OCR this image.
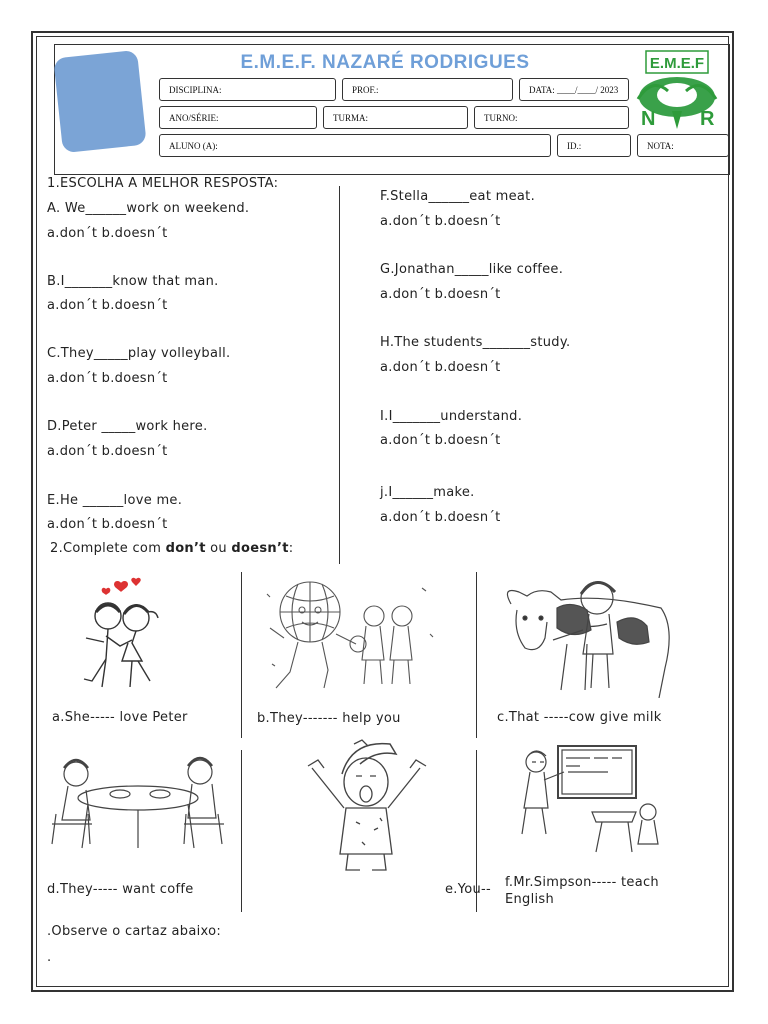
E.M.E.F. NAZARÉ RODRIGUES
DISCIPLINA:	PROF.:	DATA: ____/____/ 2023
ANO/SÉRIE:	TURMA:	TURNO:
ALUNO (A):	ID.:	NOTA:
E.M.E.F
N R
1.ESCOLHA A MELHOR RESPOSTA:
A. We______work on weekend.
a.don´t b.doesn´t
B.I_______know that man.
a.don´t b.doesn´t
C.They_____play volleyball.
a.don´t b.doesn´t
D.Peter _____work here.
a.don´t b.doesn´t
E.He ______love me.
a.don´t b.doesn´t
F.Stella______eat meat.
a.don´t b.doesn´t
G.Jonathan_____like coffee.
a.don´t b.doesn´t
H.The students_______study.
a.don´t b.doesn´t
I.I_______understand.
a.don´t b.doesn´t
j.I______make.
a.don´t b.doesn´t
2.Complete com don’t ou doesn’t:
a.She----- love Peter	b.They------- help you	c.That -----cow give milk
d.They----- want coffe	e.You-- f.Mr.Simpson----- teach English
.Observe o cartaz abaixo:
.
